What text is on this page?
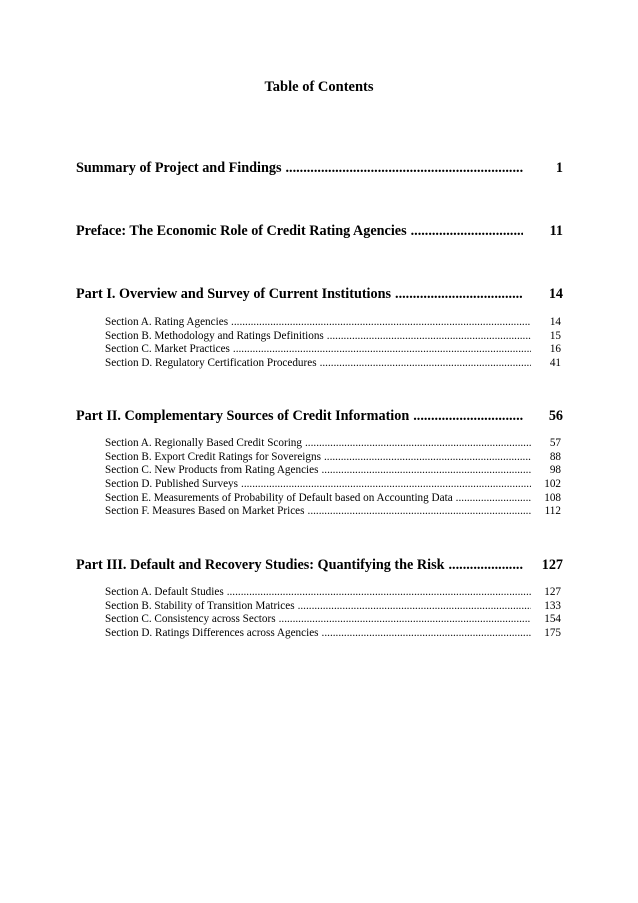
Table of Contents
Summary of Project and Findings .....	1
Preface: The Economic Role of Credit Rating Agencies .....	11
Part I. Overview and Survey of Current Institutions .....	14
Section A. Rating Agencies .....	14
Section B. Methodology and Ratings Definitions .....	15
Section C. Market Practices .....	16
Section D. Regulatory Certification Procedures .....	41
Part II. Complementary Sources of Credit Information .....	56
Section A. Regionally Based Credit Scoring .....	57
Section B. Export Credit Ratings for Sovereigns .....	88
Section C. New Products from Rating Agencies .....	98
Section D. Published Surveys .....	102
Section E. Measurements of Probability of Default based on Accounting Data .....	108
Section F. Measures Based on Market Prices .....	112
Part III. Default and Recovery Studies: Quantifying the Risk .....	127
Section A. Default Studies .....	127
Section B. Stability of Transition Matrices .....	133
Section C. Consistency across Sectors .....	154
Section D. Ratings Differences across Agencies .....	175
